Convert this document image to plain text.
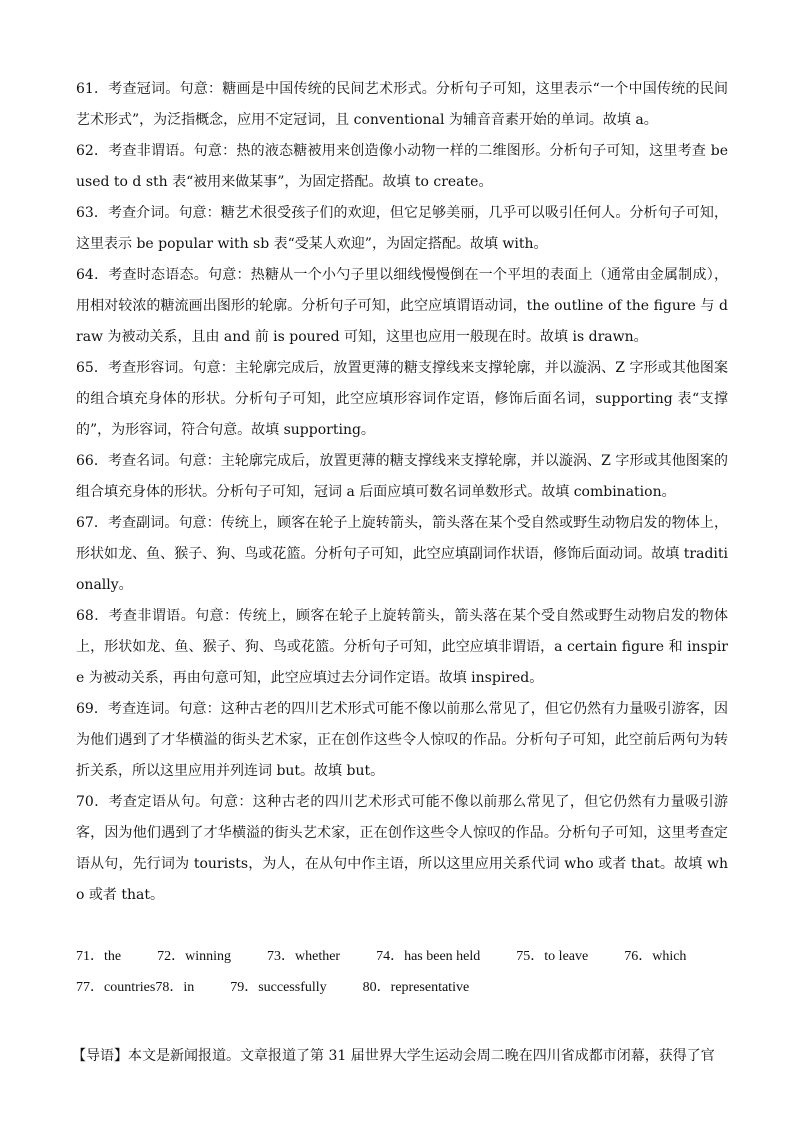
61．考查冠词。句意：糖画是中国传统的民间艺术形式。分析句子可知，这里表示“一个中国传统的民间艺术形式”，为泛指概念，应用不定冠词，且 conventional 为辅音音素开始的单词。故填 a。

62．考查非谓语。句意：热的液态糖被用来创造像小动物一样的二维图形。分析句子可知，这里考查 be used to d sth 表“被用来做某事”，为固定搭配。故填 to create。

63．考查介词。句意：糖艺术很受孩子们的欢迎，但它足够美丽，几乎可以吸引任何人。分析句子可知，这里表示 be popular with sb 表“受某人欢迎”，为固定搭配。故填 with。

64．考查时态语态。句意：热糖从一个小勺子里以细线慢慢倒在一个平坦的表面上（通常由金属制成），用相对较浓的糖流画出图形的轮廓。分析句子可知，此空应填谓语动词，the outline of the figure 与 draw 为被动关系，且由 and 前 is poured 可知，这里也应用一般现在时。故填 is drawn。

65．考查形容词。句意：主轮廓完成后，放置更薄的糖支撑线来支撑轮廓，并以漩涡、Z 字形或其他图案的组合填充身体的形状。分析句子可知，此空应填形容词作定语，修饰后面名词，supporting 表“支撑的”，为形容词，符合句意。故填 supporting。

66．考查名词。句意：主轮廓完成后，放置更薄的糖支撑线来支撑轮廓，并以漩涡、Z 字形或其他图案的组合填充身体的形状。分析句子可知，冠词 a 后面应填可数名词单数形式。故填 combination。

67．考查副词。句意：传统上，顾客在轮子上旋转箭头，箭头落在某个受自然或野生动物启发的物体上，形状如龙、鱼、猴子、狗、鸟或花篮。分析句子可知，此空应填副词作状语，修饰后面动词。故填 traditionally。

68．考查非谓语。句意：传统上，顾客在轮子上旋转箭头，箭头落在某个受自然或野生动物启发的物体上，形状如龙、鱼、猴子、狗、鸟或花篮。分析句子可知，此空应填非谓语，a certain figure 和 inspire 为被动关系，再由句意可知，此空应填过去分词作定语。故填 inspired。

69．考查连词。句意：这种古老的四川艺术形式可能不像以前那么常见了，但它仍然有力量吸引游客，因为他们遇到了才华横溢的街头艺术家，正在创作这些令人惊叹的作品。分析句子可知，此空前后两句为转折关系，所以这里应用并列连词 but。故填 but。

70．考查定语从句。句意：这种古老的四川艺术形式可能不像以前那么常见了，但它仍然有力量吸引游客，因为他们遇到了才华横溢的街头艺术家，正在创作这些令人惊叹的作品。分析句子可知，这里考查定语从句，先行词为 tourists，为人，在从句中作主语，所以这里应用关系代词 who 或者 that。故填 who 或者 that。

71．the	72．winning	73．whether	74．has been held	75．to leave	76．which
77．countries 78．in	79．successfully	80．representative

【导语】本文是新闻报道。文章报道了第 31 届世界大学生运动会周二晚在四川省成都市闭幕，获得了官
